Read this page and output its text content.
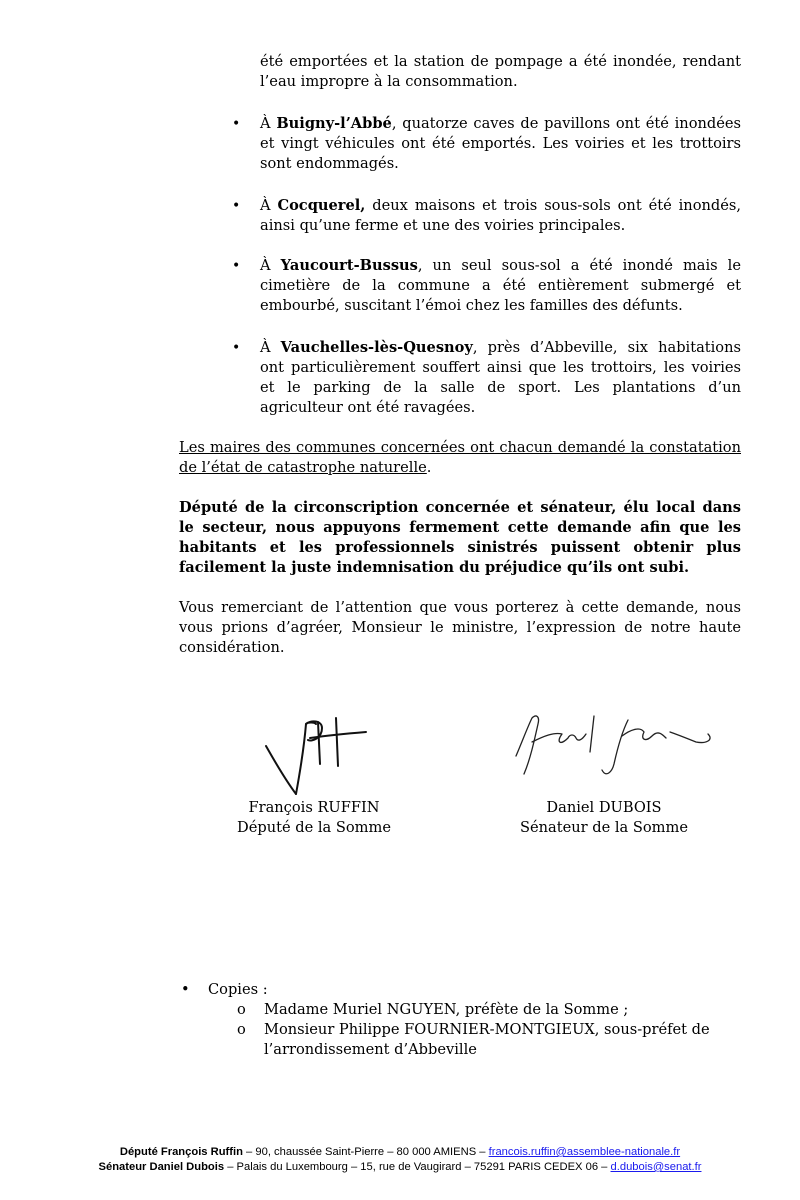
été emportées et la station de pompage a été inondée, rendant l’eau impropre à la consommation.
• À Buigny-l’Abbé, quatorze caves de pavillons ont été inondées et vingt véhicules ont été emportés. Les voiries et les trottoirs sont endommagés.
• À Cocquerel, deux maisons et trois sous-sols ont été inondés, ainsi qu’une ferme et une des voiries principales.
• À Yaucourt-Bussus, un seul sous-sol a été inondé mais le cimetière de la commune a été entièrement submergé et embourbé, suscitant l’émoi chez les familles des défunts.
• À Vauchelles-lès-Quesnoy, près d’Abbeville, six habitations ont particulièrement souffert ainsi que les trottoirs, les voiries et le parking de la salle de sport. Les plantations d’un agriculteur ont été ravagées.
Les maires des communes concernées ont chacun demandé la constatation de l’état de catastrophe naturelle.
Député de la circonscription concernée et sénateur, élu local dans le secteur, nous appuyons fermement cette demande afin que les habitants et les professionnels sinistrés puissent obtenir plus facilement la juste indemnisation du préjudice qu’ils ont subi.
Vous remerciant de l’attention que vous porterez à cette demande, nous vous prions d’agréer, Monsieur le ministre, l’expression de notre haute considération.
François RUFFIN
Député de la Somme
Daniel DUBOIS
Sénateur de la Somme
• Copies :
o Madame Muriel NGUYEN, préfète de la Somme ;
o Monsieur Philippe FOURNIER-MONTGIEUX, sous-préfet de l’arrondissement d’Abbeville
Député François Ruffin – 90, chaussée Saint-Pierre – 80 000 AMIENS – francois.ruffin@assemblee-nationale.fr
Sénateur Daniel Dubois – Palais du Luxembourg – 15, rue de Vaugirard – 75291 PARIS CEDEX 06 – d.dubois@senat.fr
